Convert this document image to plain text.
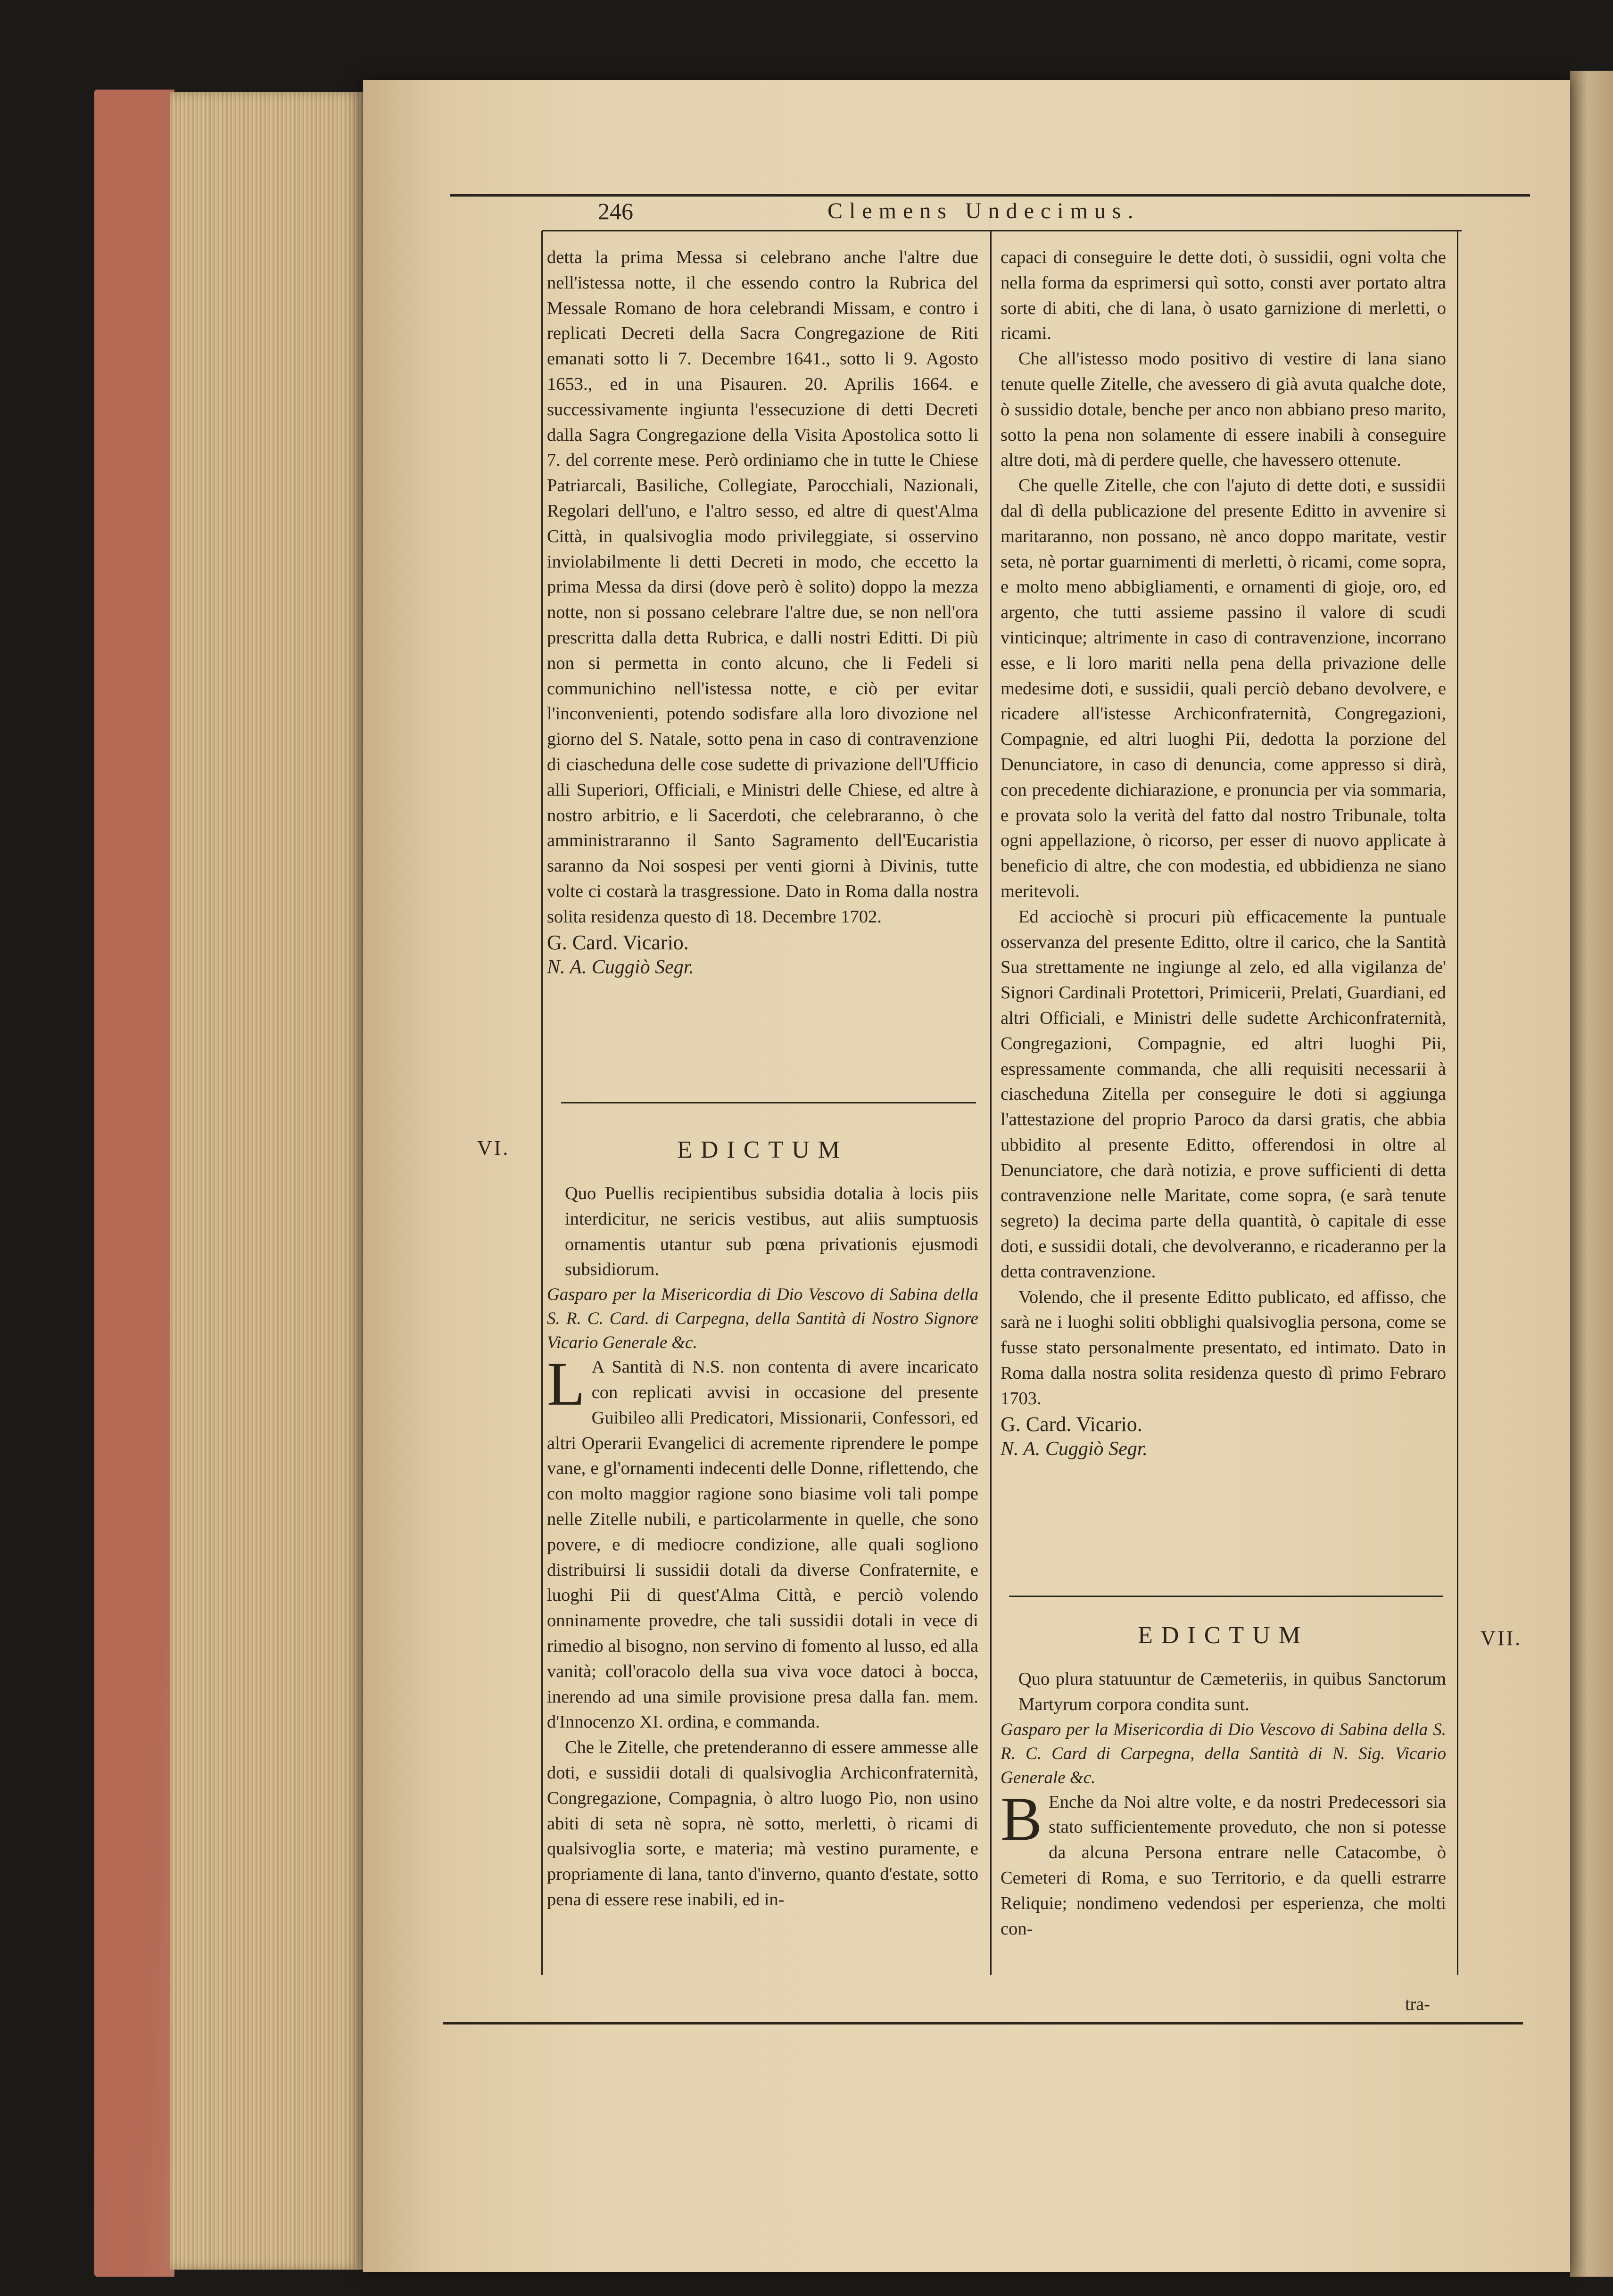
246	Clemens Undecimus.
VI.
VII.

detta la prima Messa si celebrano anche l'altre due nell'istessa notte, il che essendo contro la Rubrica del Messale Romano de hora celebrandi Missam, e contro i replicati Decreti della Sacra Congregazione de Riti emanati sotto li 7. Decembre 1641., sotto li 9. Agosto 1653., ed in una Pisauren. 20. Aprilis 1664. e successivamente ingiunta l'essecuzione di detti Decreti dalla Sagra Congregazione della Visita Apostolica sotto li 7. del corrente mese. Però ordiniamo che in tutte le Chiese Patriarcali, Basiliche, Collegiate, Parocchiali, Nazionali, Regolari dell'uno, e l'altro sesso, ed altre di quest'Alma Città, in qualsivoglia modo privileggiate, si osservino inviolabilmente li detti Decreti in modo, che eccetto la prima Messa da dirsi (dove però è solito) doppo la mezza notte, non si possano celebrare l'altre due, se non nell'ora prescritta dalla detta Rubrica, e dalli nostri Editti. Di più non si permetta in conto alcuno, che li Fedeli si communichino nell'istessa notte, e ciò per evitar l'inconvenienti, potendo sodisfare alla loro divozione nel giorno del S. Natale, sotto pena in caso di contravenzione di ciascheduna delle cose sudette di privazione dell'Ufficio alli Superiori, Officiali, e Ministri delle Chiese, ed altre à nostro arbitrio, e li Sacerdoti, che celebraranno, ò che amministraranno il Santo Sagramento dell'Eucaristia saranno da Noi sospesi per venti giorni à Divinis, tutte volte ci costarà la trasgressione. Dato in Roma dalla nostra solita residenza questo dì 18. Decembre 1702.

G. Card. Vicario.

N. A. Cuggiò Segr.

EDICTUM

Quo Puellis recipientibus subsidia dotalia à locis piis interdicitur, ne sericis vestibus, aut aliis sumptuosis ornamentis utantur sub pœna privationis ejusmodi subsidiorum.

Gasparo per la Misericordia di Dio Vescovo di Sabina della S. R. C. Card. di Carpegna, della Santità di Nostro Signore Vicario Generale &c.

L A Santità di N.S. non contenta di avere incaricato con replicati avvisi in occasione del presente Guibileo alli Predicatori, Missionarii, Confessori, ed altri Operarii Evangelici di acremente riprendere le pompe vane, e gl'ornamenti indecenti delle Donne, riflettendo, che con molto maggior ragione sono biasime voli tali pompe nelle Zitelle nubili, e particolarmente in quelle, che sono povere, e di mediocre condizione, alle quali sogliono distribuirsi li sussidii dotali da diverse Confraternite, e luoghi Pii di quest'Alma Città, e perciò volendo onninamente provedre, che tali sussidii dotali in vece di rimedio al bisogno, non servino di fomento al lusso, ed alla vanità; coll'oracolo della sua viva voce datoci à bocca, inerendo ad una simile provisione presa dalla fan. mem. d'Innocenzo XI. ordina, e commanda.

Che le Zitelle, che pretenderanno di essere ammesse alle doti, e sussidii dotali di qualsivoglia Archiconfraternità, Congregazione, Compagnia, ò altro luogo Pio, non usino abiti di seta nè sopra, nè sotto, merletti, ò ricami di qualsivoglia sorte, e materia; mà vestino puramente, e propriamente di lana, tanto d'inverno, quanto d'estate, sotto pena di essere rese inabili, ed in-

capaci di conseguire le dette doti, ò sussidii, ogni volta che nella forma da esprimersi quì sotto, consti aver portato altra sorte di abiti, che di lana, ò usato garnizione di merletti, o ricami.

Che all'istesso modo positivo di vestire di lana siano tenute quelle Zitelle, che avessero di già avuta qualche dote, ò sussidio dotale, benche per anco non abbiano preso marito, sotto la pena non solamente di essere inabili à conseguire altre doti, mà di perdere quelle, che havessero ottenute.

Che quelle Zitelle, che con l'ajuto di dette doti, e sussidii dal dì della publicazione del presente Editto in avvenire si maritaranno, non possano, nè anco doppo maritate, vestir seta, nè portar guarnimenti di merletti, ò ricami, come sopra, e molto meno abbigliamenti, e ornamenti di gioje, oro, ed argento, che tutti assieme passino il valore di scudi vinticinque; altrimente in caso di contravenzione, incorrano esse, e li loro mariti nella pena della privazione delle medesime doti, e sussidii, quali perciò debano devolvere, e ricadere all'istesse Archiconfraternità, Congregazioni, Compagnie, ed altri luoghi Pii, dedotta la porzione del Denunciatore, in caso di denuncia, come appresso si dirà, con precedente dichiarazione, e pronuncia per via sommaria, e provata solo la verità del fatto dal nostro Tribunale, tolta ogni appellazione, ò ricorso, per esser di nuovo applicate à beneficio di altre, che con modestia, ed ubbidienza ne siano meritevoli.

Ed acciochè si procuri più efficacemente la puntuale osservanza del presente Editto, oltre il carico, che la Santità Sua strettamente ne ingiunge al zelo, ed alla vigilanza de' Signori Cardinali Protettori, Primicerii, Prelati, Guardiani, ed altri Officiali, e Ministri delle sudette Archiconfraternità, Congregazioni, Compagnie, ed altri luoghi Pii, espressamente commanda, che alli requisiti necessarii à ciascheduna Zitella per conseguire le doti si aggiunga l'attestazione del proprio Paroco da darsi gratis, che abbia ubbidito al presente Editto, offerendosi in oltre al Denunciatore, che darà notizia, e prove sufficienti di detta contravenzione nelle Maritate, come sopra, (e sarà tenute segreto) la decima parte della quantità, ò capitale di esse doti, e sussidii dotali, che devolveranno, e ricaderanno per la detta contravenzione.

Volendo, che il presente Editto publicato, ed affisso, che sarà ne i luoghi soliti obblighi qualsivoglia persona, come se fusse stato personalmente presentato, ed intimato. Dato in Roma dalla nostra solita residenza questo dì primo Febraro 1703.

G. Card. Vicario.

N. A. Cuggiò Segr.

EDICTUM

Quo plura statuuntur de Cæmeteriis, in quibus Sanctorum Martyrum corpora condita sunt.

Gasparo per la Misericordia di Dio Vescovo di Sabina della S. R. C. Card di Carpegna, della Santità di N. Sig. Vicario Generale &c.

B Enche da Noi altre volte, e da nostri Predecessori sia stato sufficientemente proveduto, che non si potesse da alcuna Persona entrare nelle Catacombe, ò Cemeteri di Roma, e suo Territorio, e da quelli estrarre Reliquie; nondimeno vedendosi per esperienza, che molti con-

tra-
